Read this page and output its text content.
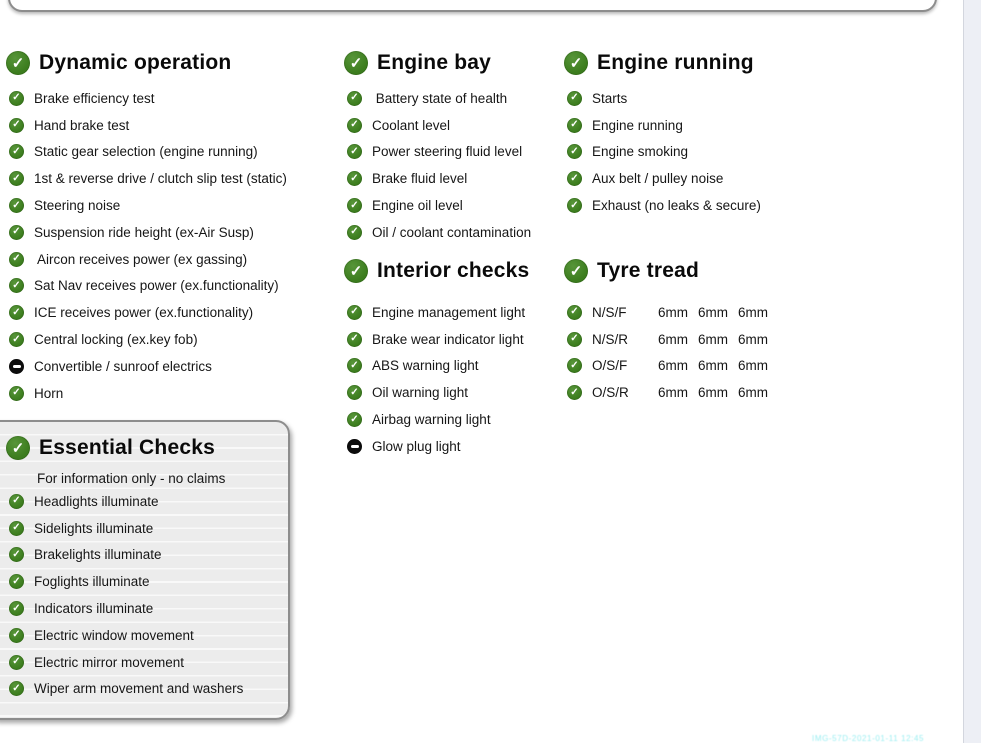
✓
Dynamic operation
✓
Brake efficiency test
✓
Hand brake test
✓
Static gear selection (engine running)
✓
1st & reverse drive / clutch slip test (static)
✓
Steering noise
✓
Suspension ride height (ex-Air Susp)
✓
Aircon receives power (ex gassing)
✓
Sat Nav receives power (ex.functionality)
✓
ICE receives power (ex.functionality)
✓
Central locking (ex.key fob)
Convertible / sunroof electrics
✓
Horn
✓
Engine bay
✓
Battery state of health
✓
Coolant level
✓
Power steering fluid level
✓
Brake fluid level
✓
Engine oil level
✓
Oil / coolant contamination
✓
Interior checks
✓
Engine management light
✓
Brake wear indicator light
✓
ABS warning light
✓
Oil warning light
✓
Airbag warning light
Glow plug light
✓
Engine running
✓
Starts
✓
Engine running
✓
Engine smoking
✓
Aux belt / pulley noise
✓
Exhaust (no leaks & secure)
✓
Tyre tread
✓
N/S/F	6mm 6mm 6mm
✓
N/S/R	6mm 6mm 6mm
✓
O/S/F	6mm 6mm 6mm
✓
O/S/R	6mm 6mm 6mm
✓
Essential Checks
For information only - no claims
✓
Headlights illuminate
✓
Sidelights illuminate
✓
Brakelights illuminate
✓
Foglights illuminate
✓
Indicators illuminate
✓
Electric window movement
✓
Electric mirror movement
✓
Wiper arm movement and washers
IMG-57D-2021-01-11 12:45
